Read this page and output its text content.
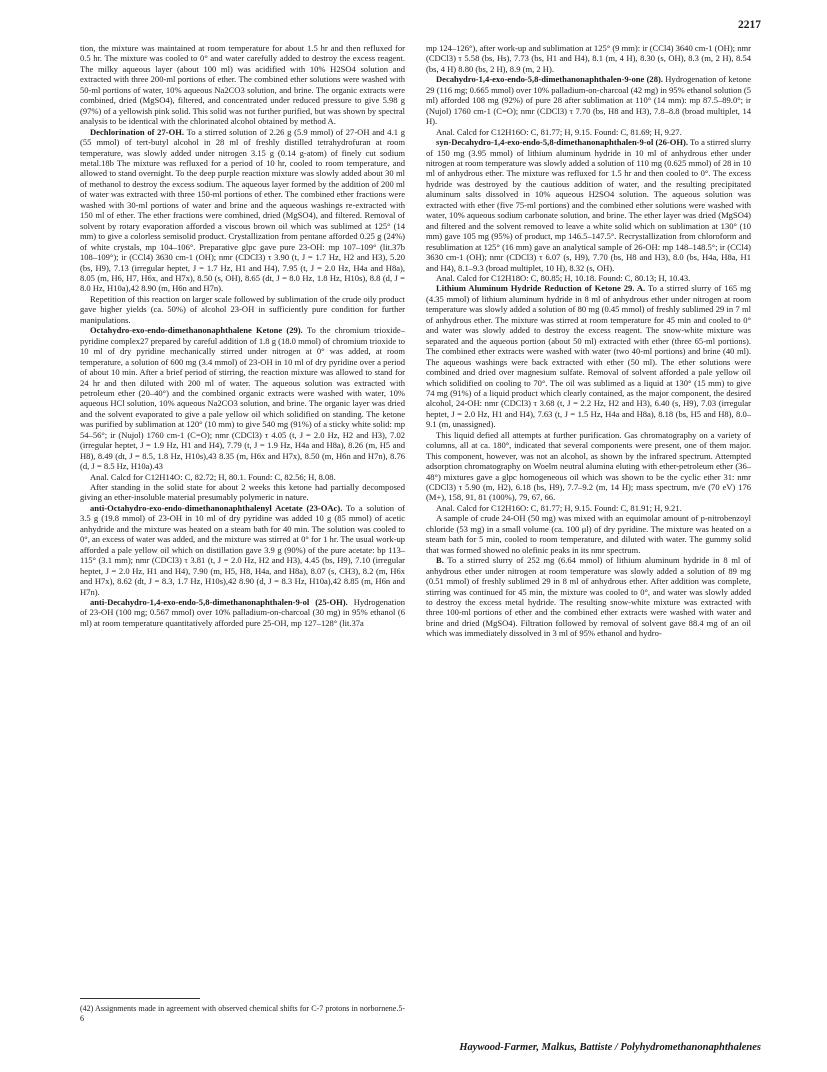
2217

tion, the mixture was maintained at room temperature for about 1.5 hr and then refluxed for 0.5 hr. The mixture was cooled to 0° and water carefully added to destroy the excess reagent. The milky aqueous layer (about 100 ml) was acidified with 10% H2SO4 solution and extracted with three 200-ml portions of ether. The combined ether solutions were washed with 50-ml portions of water, 10% aqueous Na2CO3 solution, and brine. The organic extracts were combined, dried (MgSO4), filtered, and concentrated under reduced pressure to give 5.98 g (97%) of a yellowish pink solid. This solid was not further purified, but was shown by spectral analysis to be identical with the chlorinated alcohol obtained by method A.

Dechlorination of 27-OH. To a stirred solution of 2.26 g (5.9 mmol) of 27-OH and 4.1 g (55 mmol) of tert-butyl alcohol in 28 ml of freshly distilled tetrahydrofuran at room temperature, was slowly added under nitrogen 3.15 g (0.14 g-atom) of finely cut sodium metal.18b The mixture was refluxed for a period of 10 hr, cooled to room temperature, and allowed to stand overnight. To the deep purple reaction mixture was slowly added about 30 ml of methanol to destroy the excess sodium. The aqueous layer formed by the addition of 200 ml of water was extracted with three 150-ml portions of ether. The combined ether fractions were washed with 30-ml portions of water and brine and the aqueous washings re-extracted with 150 ml of ether. The ether fractions were combined, dried (MgSO4), and filtered. Removal of solvent by rotary evaporation afforded a viscous brown oil which was sublimed at 125° (14 mm) to give a colorless semisolid product. Crystallization from pentane afforded 0.25 g (24%) of white crystals, mp 104–106°. Preparative glpc gave pure 23-OH: mp 107–109° (lit.37b 108–109°); ir (CCl4) 3630 cm-1 (OH); nmr (CDCl3) τ 3.90 (t, J = 1.7 Hz, H2 and H3), 5.20 (bs, H9), 7.13 (irregular heptet, J = 1.7 Hz, H1 and H4), 7.95 (t, J = 2.0 Hz, H4a and H8a), 8.05 (m, H6, H7, H6x, and H7x), 8.50 (s, OH), 8.65 (dt, J = 8.0 Hz, 1.8 Hz, H10s), 8.8 (d, J = 8.0 Hz, H10a),42 8.90 (m, H6n and H7n).

Repetition of this reaction on larger scale followed by sublimation of the crude oily product gave higher yields (ca. 50%) of alcohol 23-OH in sufficiently pure condition for further manipulations.

Octahydro-exo-endo-dimethanonaphthalene Ketone (29). To the chromium trioxide–pyridine complex27 prepared by careful addition of 1.8 g (18.0 mmol) of chromium trioxide to 10 ml of dry pyridine mechanically stirred under nitrogen at 0° was added, at room temperature, a solution of 600 mg (3.4 mmol) of 23-OH in 10 ml of dry pyridine over a period of about 10 min. After a brief period of stirring, the reaction mixture was allowed to stand for 24 hr and then diluted with 200 ml of water. The aqueous solution was extracted with petroleum ether (20–40°) and the combined organic extracts were washed with water, 10% aqueous HCl solution, 10% aqueous Na2CO3 solution, and brine. The organic layer was dried and the solvent evaporated to give a pale yellow oil which solidified on standing. The ketone was purified by sublimation at 120° (10 mm) to give 540 mg (91%) of a sticky white solid: mp 54–56°; ir (Nujol) 1760 cm-1 (C=O); nmr (CDCl3) τ 4.05 (t, J = 2.0 Hz, H2 and H3), 7.02 (irregular heptet, J = 1.9 Hz, H1 and H4), 7.79 (t, J = 1.9 Hz, H4a and H8a), 8.26 (m, H5 and H8), 8.49 (dt, J = 8.5, 1.8 Hz, H10s),43 8.35 (m, H6x and H7x), 8.50 (m, H6n and H7n), 8.76 (d, J = 8.5 Hz, H10a).43

Anal. Calcd for C12H14O: C, 82.72; H, 80.1. Found: C, 82.56; H, 8.08.

After standing in the solid state for about 2 weeks this ketone had partially decomposed giving an ether-insoluble material presumably polymeric in nature.

anti-Octahydro-exo-endo-dimethanonaphthalenyl Acetate (23-OAc). To a solution of 3.5 g (19.8 mmol) of 23-OH in 10 ml of dry pyridine was added 10 g (85 mmol) of acetic anhydride and the mixture was heated on a steam bath for 40 min. The solution was cooled to 0°, an excess of water was added, and the mixture was stirred at 0° for 1 hr. The usual work-up afforded a pale yellow oil which on distillation gave 3.9 g (90%) of the pure acetate: bp 113–115° (3.1 mm); nmr (CDCl3) τ 3.81 (t, J = 2.0 Hz, H2 and H3), 4.45 (bs, H9), 7.10 (irregular heptet, J = 2.0 Hz, H1 and H4), 7.90 (m, H5, H8, H4a, and H8a), 8.07 (s, CH3), 8.2 (m, H6x and H7x), 8.62 (dt, J = 8.3, 1.7 Hz, H10s),42 8.90 (d, J = 8.3 Hz, H10a),42 8.85 (m, H6n and H7n).

anti-Decahydro-1,4-exo-endo-5,8-dimethanonaphthalen-9-ol (25-OH). Hydrogenation of 23-OH (100 mg; 0.567 mmol) over 10% palladium-on-charcoal (30 mg) in 95% ethanol (6 ml) at room temperature quantitatively afforded pure 25-OH, mp 127–128° (lit.37a

mp 124–126°), after work-up and sublimation at 125° (9 mm): ir (CCl4) 3640 cm-1 (OH); nmr (CDCl3) τ 5.58 (bs, Hs), 7.73 (bs, H1 and H4), 8.1 (m, 4 H), 8.30 (s, OH), 8.3 (m, 2 H), 8.54 (bs, 4 H) 8.80 (bs, 2 H), 8.9 (m, 2 H).

Decahydro-1,4-exo-endo-5,8-dimethanonaphthalen-9-one (28). Hydrogenation of ketone 29 (116 mg; 0.665 mmol) over 10% palladium-on-charcoal (42 mg) in 95% ethanol solution (5 ml) afforded 108 mg (92%) of pure 28 after sublimation at 110° (14 mm): mp 87.5–89.0°; ir (Nujol) 1760 cm-1 (C=O); nmr (CDCl3) τ 7.70 (bs, H8 and H3), 7.8–8.8 (broad multiplet, 14 H).

Anal. Calcd for C12H16O: C, 81.77; H, 9.15. Found: C, 81.69; H, 9.27.

syn-Decahydro-1,4-exo-endo-5,8-dimethanonaphthalen-9-ol (26-OH). To a stirred slurry of 150 mg (3.95 mmol) of lithium aluminum hydride in 10 ml of anhydrous ether under nitrogen at room temperature was slowly added a solution of 110 mg (0.625 mmol) of 28 in 10 ml of anhydrous ether. The mixture was refluxed for 1.5 hr and then cooled to 0°. The excess hydride was destroyed by the cautious addition of water, and the resulting precipitated aluminum salts dissolved in 10% aqueous H2SO4 solution. The aqueous solution was extracted with ether (five 75-ml portions) and the combined ether solutions were washed with water, 10% aqueous sodium carbonate solution, and brine. The ether layer was dried (MgSO4) and filtered and the solvent removed to leave a white solid which on sublimation at 130° (10 mm) gave 105 mg (95%) of product, mp 146.5–147.5°. Recrystallization from chloroform and resublimation at 125° (16 mm) gave an analytical sample of 26-OH: mp 148–148.5°; ir (CCl4) 3630 cm-1 (OH); nmr (CDCl3) τ 6.07 (s, H9), 7.70 (bs, H8 and H3), 8.0 (bs, H4a, H8a, H1 and H4), 8.1–9.3 (broad multiplet, 10 H), 8.32 (s, OH).

Anal. Calcd for C12H18O: C, 80.85; H, 10.18. Found: C, 80.13; H, 10.43.

Lithium Aluminum Hydride Reduction of Ketone 29. A. To a stirred slurry of 165 mg (4.35 mmol) of lithium aluminum hydride in 8 ml of anhydrous ether under nitrogen at room temperature was slowly added a solution of 80 mg (0.45 mmol) of freshly sublimed 29 in 7 ml of anhydrous ether. The mixture was stirred at room temperature for 45 min and cooled to 0° and water was slowly added to destroy the excess reagent. The snow-white mixture was separated and the aqueous portion (about 50 ml) extracted with ether (three 65-ml portions). The combined ether extracts were washed with water (two 40-ml portions) and brine (40 ml). The aqueous washings were back extracted with ether (50 ml). The ether solutions were combined and dried over magnesium sulfate. Removal of solvent afforded a pale yellow oil which solidified on cooling to 70°. The oil was sublimed as a liquid at 130° (15 mm) to give 74 mg (91%) of a liquid product which clearly contained, as the major component, the desired alcohol, 24-OH: nmr (CDCl3) τ 3.68 (t, J = 2.2 Hz, H2 and H3), 6.40 (s, H9), 7.03 (irregular heptet, J = 2.0 Hz, H1 and H4), 7.63 (t, J = 1.5 Hz, H4a and H8a), 8.18 (bs, H5 and H8), 8.0–9.1 (m, unassigned).

This liquid defied all attempts at further purification. Gas chromatography on a variety of columns, all at ca. 180°, indicated that several components were present, one of them major. This component, however, was not an alcohol, as shown by the infrared spectrum. Attempted adsorption chromatography on Woelm neutral alumina eluting with ether-petroleum ether (36–48°) mixtures gave a glpc homogeneous oil which was shown to be the cyclic ether 31: nmr (CDCl3) τ 5.90 (m, H2), 6.18 (bs, H9), 7.7–9.2 (m, 14 H); mass spectrum, m/e (70 eV) 176 (M+), 158, 91, 81 (100%), 79, 67, 66.

Anal. Calcd for C12H16O: C, 81.77; H, 9.15. Found: C, 81.91; H, 9.21.

A sample of crude 24-OH (50 mg) was mixed with an equimolar amount of p-nitrobenzoyl chloride (53 mg) in a small volume (ca. 100 μl) of dry pyridine. The mixture was heated on a steam bath for 5 min, cooled to room temperature, and diluted with water. The gummy solid that was formed showed no olefinic peaks in its nmr spectrum.

B. To a stirred slurry of 252 mg (6.64 mmol) of lithium aluminum hydride in 8 ml of anhydrous ether under nitrogen at room temperature was slowly added a solution of 89 mg (0.51 mmol) of freshly sublimed 29 in 8 ml of anhydrous ether. After addition was complete, stirring was continued for 45 min, the mixture was cooled to 0°, and water was slowly added to destroy the excess metal hydride. The resulting snow-white mixture was extracted with three 100-ml portions of ether and the combined ether extracts were washed with water and brine and dried (MgSO4). Filtration followed by removal of solvent gave 88.4 mg of an oil which was immediately dissolved in 3 ml of 95% ethanol and hydro-

(42) Assignments made in agreement with observed chemical shifts for C-7 protons in norbornene.5-6
Haywood-Farmer, Malkus, Battiste / Polyhydromethanonaphthalenes
